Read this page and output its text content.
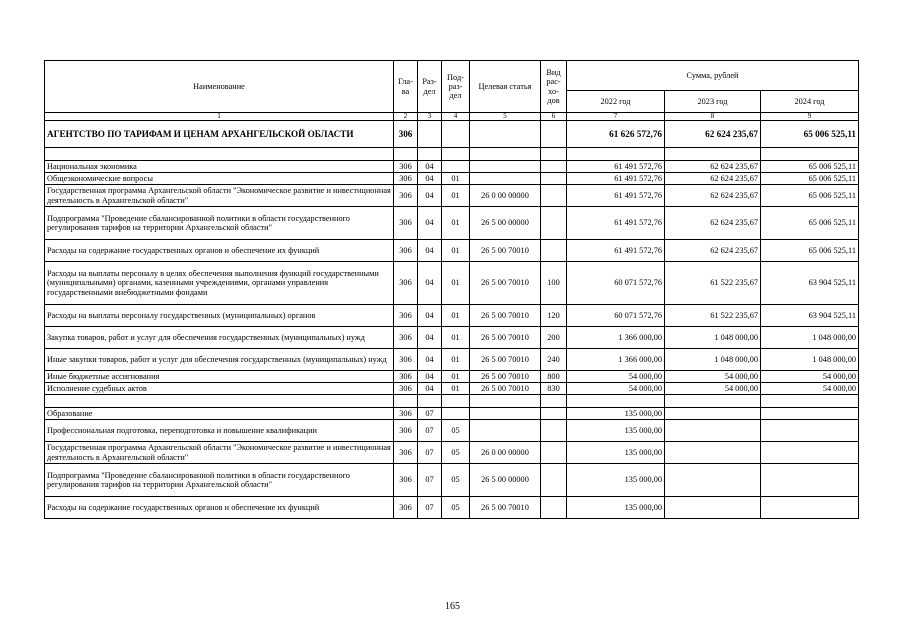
Наименование	Гла-ва	Раз-дел	Под-раз-дел	Целевая статья	Вид рас-хо-дов	Сумма, рублей		
						2022 год	2023 год	2024 год
1	2	3	4	5	6	7	8	9
АГЕНТСТВО ПО ТАРИФАМ И ЦЕНАМ АРХАНГЕЛЬСКОЙ ОБЛАСТИ	306					61 626 572,76	62 624 235,67	65 006 525,11

Национальная экономика	306	04				61 491 572,76	62 624 235,67	65 006 525,11
Общеэкономические вопросы	306	04	01			61 491 572,76	62 624 235,67	65 006 525,11
Государственная программа Архангельской области "Экономическое развитие и инвестиционная деятельность в Архангельской области"	306	04	01	26 0 00 00000		61 491 572,76	62 624 235,67	65 006 525,11
Подпрограмма "Проведение сбалансированной политики в области государственного регулирования тарифов на территории Архангельской области"	306	04	01	26 5 00 00000		61 491 572,76	62 624 235,67	65 006 525,11
Расходы на содержание государственных органов и обеспечение их функций	306	04	01	26 5 00 70010		61 491 572,76	62 624 235,67	65 006 525,11
Расходы на выплаты персоналу в целях обеспечения выполнения функций государственными (муниципальными) органами, казенными учреждениями, органами управления государственными внебюджетными фондами	306	04	01	26 5 00 70010	100	60 071 572,76	61 522 235,67	63 904 525,11
Расходы на выплаты персоналу государственных (муниципальных) органов	306	04	01	26 5 00 70010	120	60 071 572,76	61 522 235,67	63 904 525,11
Закупка товаров, работ и услуг для обеспечения государственных (муниципальных) нужд	306	04	01	26 5 00 70010	200	1 366 000,00	1 048 000,00	1 048 000,00
Иные закупки товаров, работ и услуг для обеспечения государственных (муниципальных) нужд	306	04	01	26 5 00 70010	240	1 366 000,00	1 048 000,00	1 048 000,00
Иные бюджетные ассигнования	306	04	01	26 5 00 70010	800	54 000,00	54 000,00	54 000,00
Исполнение судебных актов	306	04	01	26 5 00 70010	830	54 000,00	54 000,00	54 000,00

Образование	306	07				135 000,00		
Профессиональная подготовка, переподготовка и повышение квалификации	306	07	05			135 000,00		
Государственная программа Архангельской области "Экономическое развитие и инвестиционная деятельность в Архангельской области"	306	07	05	26 0 00 00000		135 000,00		
Подпрограмма "Проведение сбалансированной политики в области государственного регулирования тарифов на территории Архангельской области"	306	07	05	26 5 00 00000		135 000,00		
Расходы на содержание государственных органов и обеспечение их функций	306	07	05	26 5 00 70010		135 000,00		
165
